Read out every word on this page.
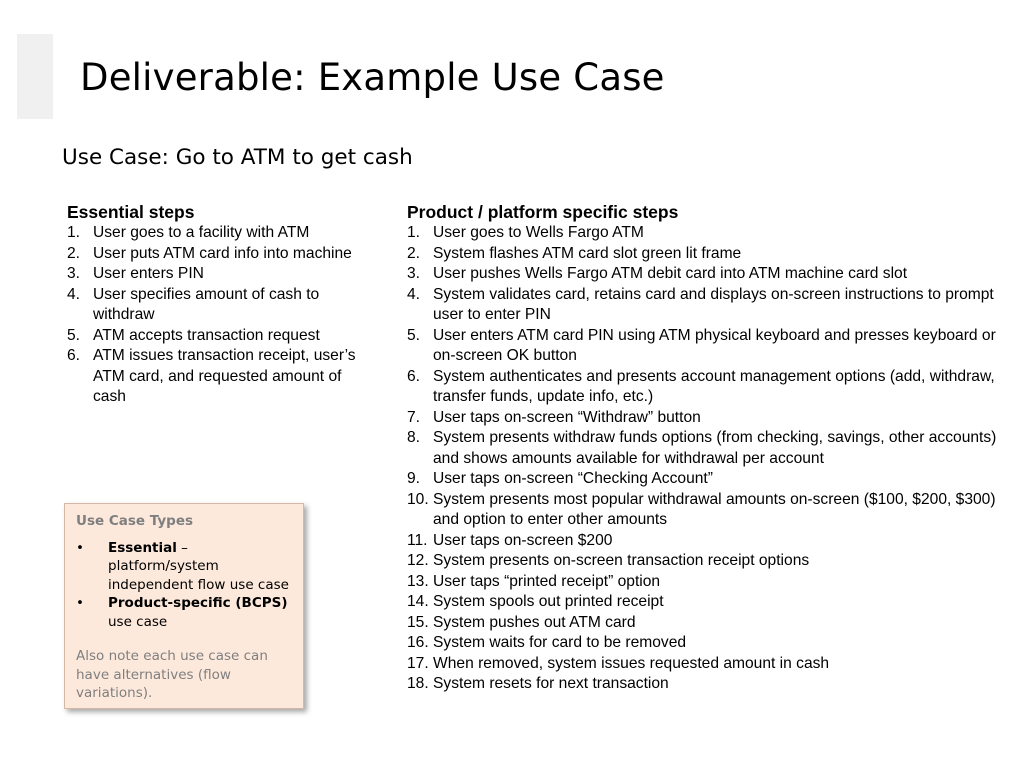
Deliverable: Example Use Case
Use Case: Go to ATM to get cash
Essential steps
1. User goes to a facility with ATM
2. User puts ATM card info into machine
3. User enters PIN
4. User specifies amount of cash to withdraw
5. ATM accepts transaction request
6. ATM issues transaction receipt, user’s ATM card, and requested amount of cash
Product / platform specific steps
1. User goes to Wells Fargo ATM
2. System flashes ATM card slot green lit frame
3. User pushes Wells Fargo ATM debit card into ATM machine card slot
4. System validates card, retains card and displays on-screen instructions to prompt user to enter PIN
5. User enters ATM card PIN using ATM physical keyboard and presses keyboard or on-screen OK button
6. System authenticates and presents account management options (add, withdraw, transfer funds, update info, etc.)
7. User taps on-screen “Withdraw” button
8. System presents withdraw funds options (from checking, savings, other accounts) and shows amounts available for withdrawal per account
9. User taps on-screen “Checking Account”
10. System presents most popular withdrawal amounts on-screen ($100, $200, $300) and option to enter other amounts
11. User taps on-screen $200
12. System presents on-screen transaction receipt options
13. User taps “printed receipt” option
14. System spools out printed receipt
15. System pushes out ATM card
16. System waits for card to be removed
17. When removed, system issues requested amount in cash
18. System resets for next transaction
Use Case Types
•	Essential – platform/system independent flow use case
•	Product-specific (BCPS) use case

Also note each use case can have alternatives (flow variations).
